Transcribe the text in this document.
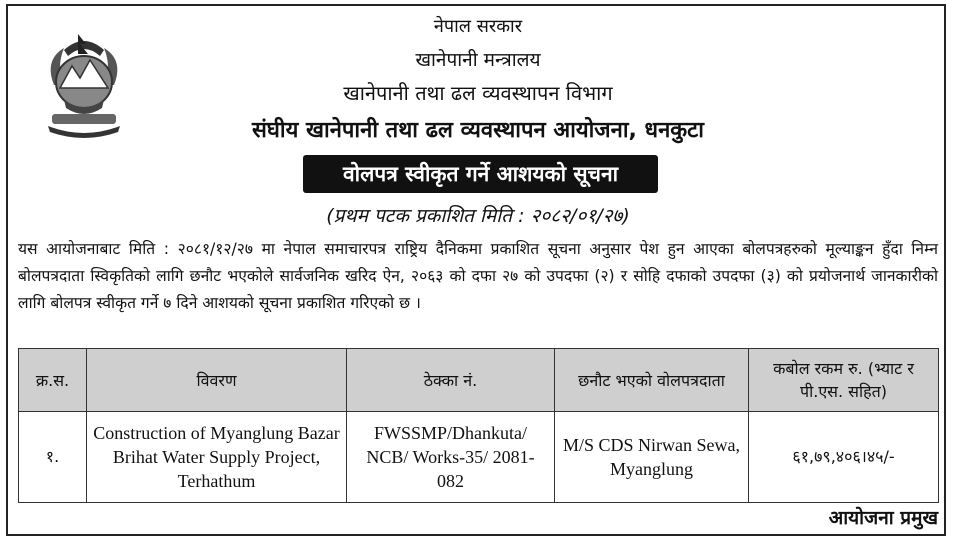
नेपाल सरकार
खानेपानी मन्त्रालय
खानेपानी तथा ढल व्यवस्थापन विभाग
संघीय खानेपानी तथा ढल व्यवस्थापन आयोजना, धनकुटा
वोलपत्र स्वीकृत गर्ने आशयको सूचना
(प्रथम पटक प्रकाशित मिति : २०८२/०१/२७)
यस आयोजनाबाट मिति : २०८१/१२/२७ मा नेपाल समाचारपत्र राष्ट्रिय दैनिकमा प्रकाशित सूचना अनुसार पेश हुन आएका बोलपत्रहरुको मूल्याङ्कन हुँदा निम्न बोलपत्रदाता स्विकृतिको लागि छनौट भएकोले सार्वजनिक खरिद ऐन, २०६३ को दफा २७ को उपदफा (२) र सोहि दफाको उपदफा (३) को प्रयोजनार्थ जानकारीको लागि बोलपत्र स्वीकृत गर्ने ७ दिने आशयको सूचना प्रकाशित गरिएको छ ।
क्र.स.	विवरण	ठेक्का नं.	छनौट भएको वोलपत्रदाता	कबोल रकम रु. (भ्याट र पी.एस. सहित)
१.	Construction of Myanglung Bazar Brihat Water Supply Project, Terhathum	FWSSMP/Dhankuta/ NCB/ Works-35/ 2081-082	M/S CDS Nirwan Sewa, Myanglung	६१,७९,४०६।४५/-
आयोजना प्रमुख
